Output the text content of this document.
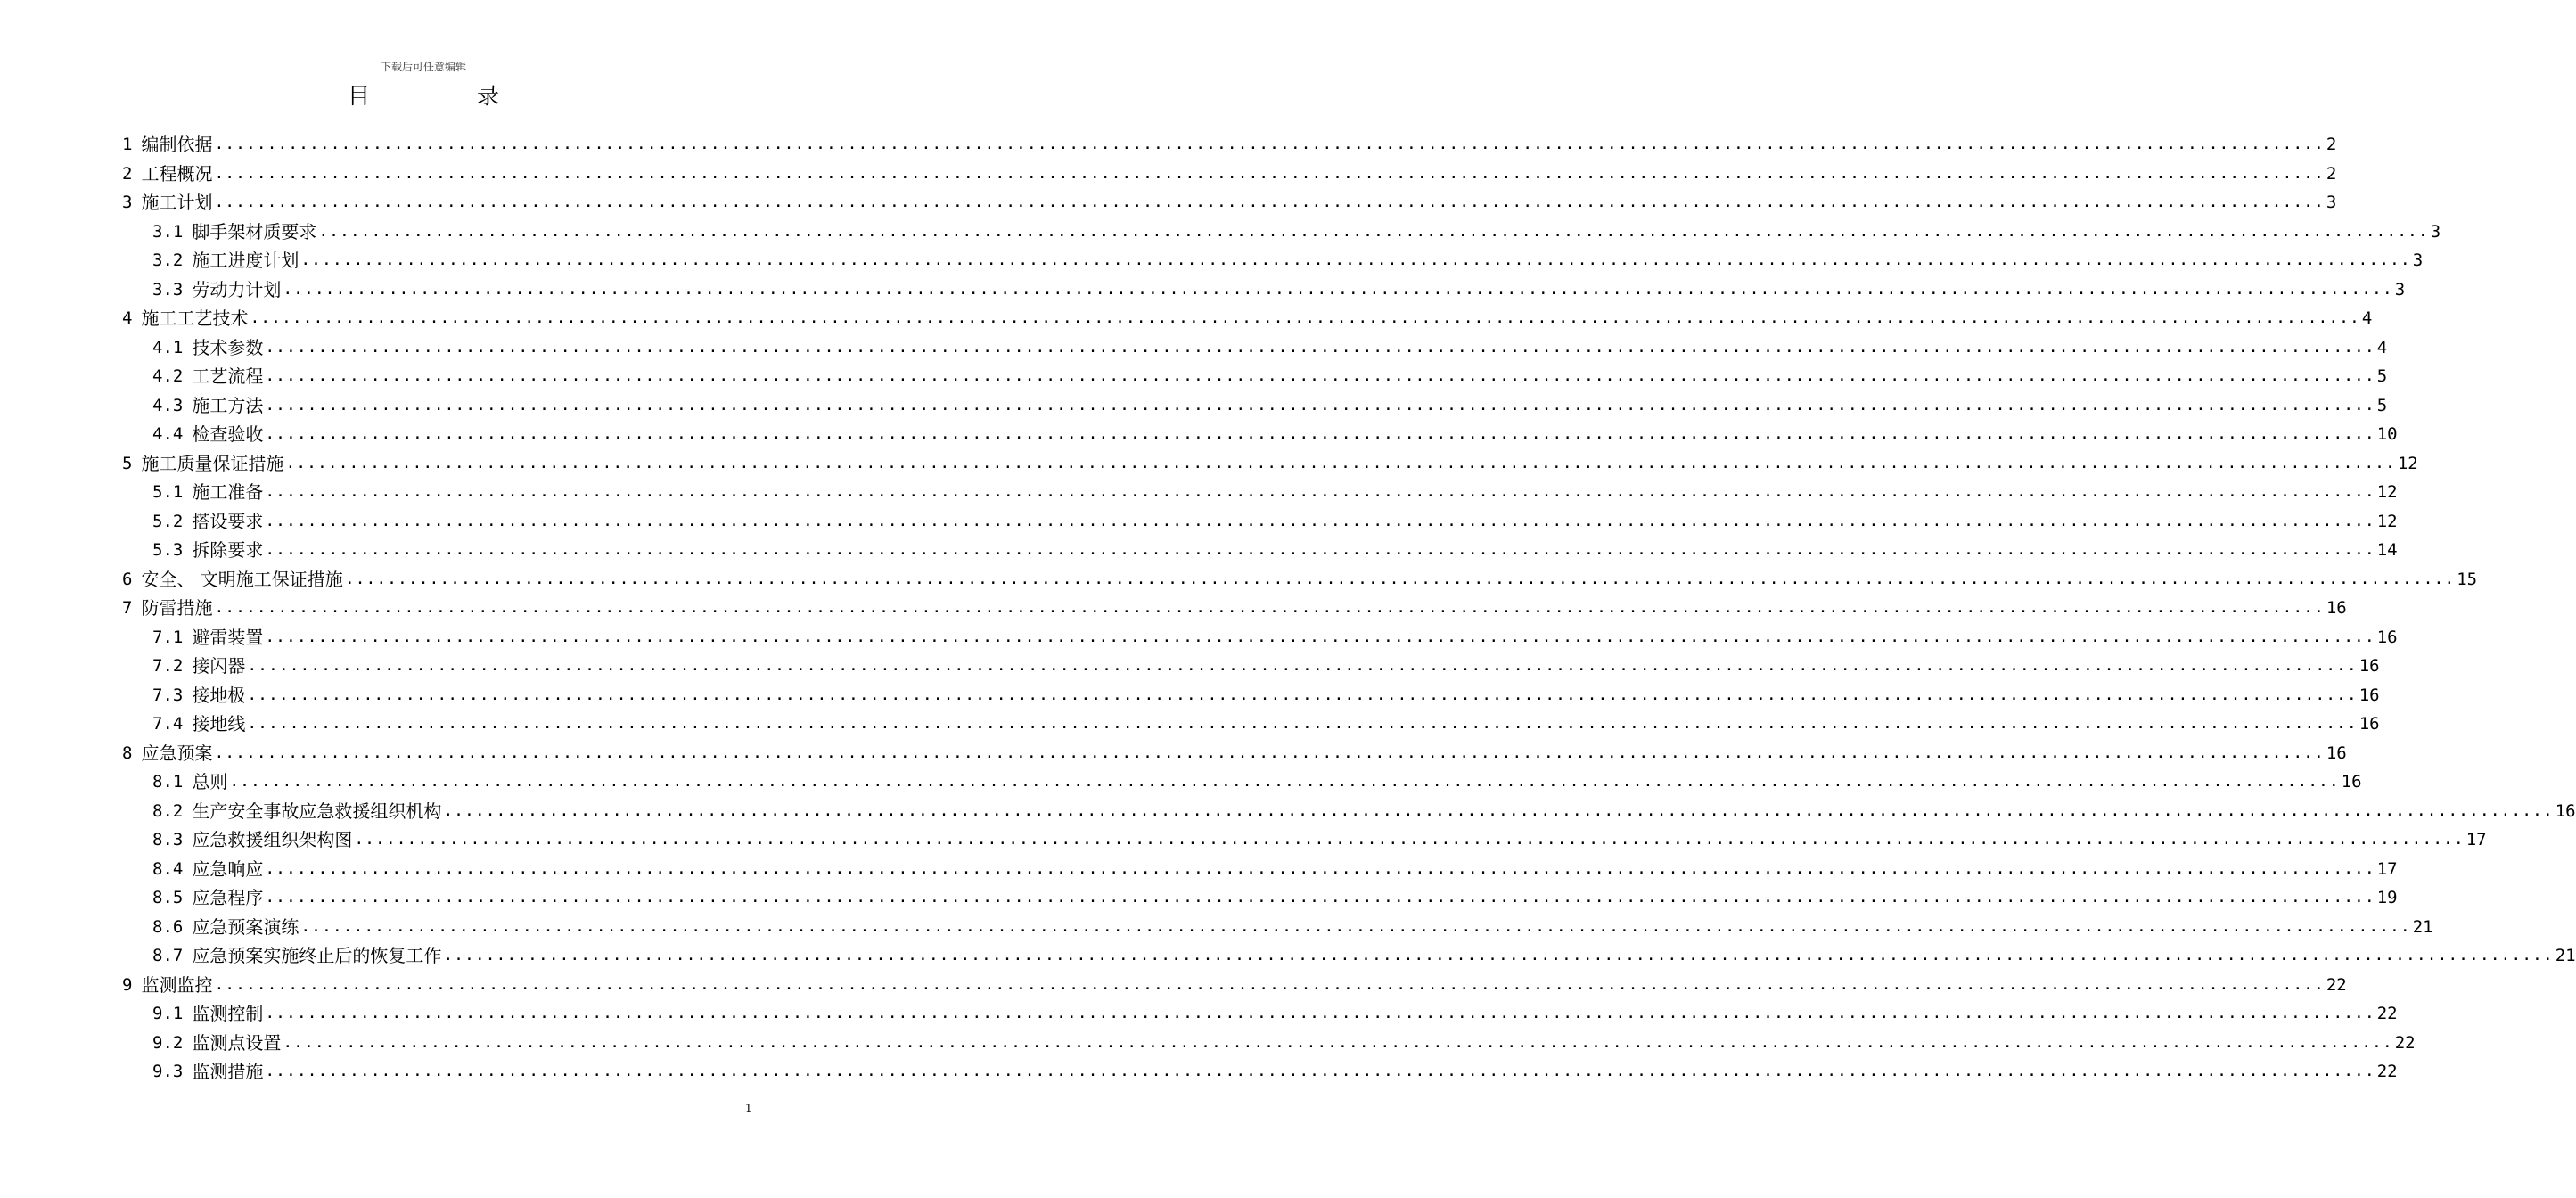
下载后可任意编辑
目 录
1 编制依据 ........................................................................................................................................................................................................ 2
2 工程概况 ........................................................................................................................................................................................................ 2
3 施工计划 ........................................................................................................................................................................................................ 3
3.1 脚手架材质要求 ........................................................................................................................................................................................................ 3
3.2 施工进度计划 ........................................................................................................................................................................................................ 3
3.3 劳动力计划 ........................................................................................................................................................................................................ 3
4 施工工艺技术 ........................................................................................................................................................................................................ 4
4.1 技术参数 ........................................................................................................................................................................................................ 4
4.2 工艺流程 ........................................................................................................................................................................................................ 5
4.3 施工方法 ........................................................................................................................................................................................................ 5
4.4 检查验收 ........................................................................................................................................................................................................ 10
5 施工质量保证措施 ........................................................................................................................................................................................................ 12
5.1 施工准备 ........................................................................................................................................................................................................ 12
5.2 搭设要求 ........................................................................................................................................................................................................ 12
5.3 拆除要求 ........................................................................................................................................................................................................ 14
6 安全、 文明施工保证措施 ........................................................................................................................................................................................................ 15
7 防雷措施 ........................................................................................................................................................................................................ 16
7.1 避雷装置 ........................................................................................................................................................................................................ 16
7.2 接闪器 ........................................................................................................................................................................................................ 16
7.3 接地极 ........................................................................................................................................................................................................ 16
7.4 接地线 ........................................................................................................................................................................................................ 16
8 应急预案 ........................................................................................................................................................................................................ 16
8.1 总则 ........................................................................................................................................................................................................ 16
8.2 生产安全事故应急救援组织机构 ........................................................................................................................................................................................................ 16
8.3 应急救援组织架构图 ........................................................................................................................................................................................................ 17
8.4 应急响应 ........................................................................................................................................................................................................ 17
8.5 应急程序 ........................................................................................................................................................................................................ 19
8.6 应急预案演练 ........................................................................................................................................................................................................ 21
8.7 应急预案实施终止后的恢复工作 ........................................................................................................................................................................................................ 21
9 监测监控 ........................................................................................................................................................................................................ 22
9.1 监测控制 ........................................................................................................................................................................................................ 22
9.2 监测点设置 ........................................................................................................................................................................................................ 22
9.3 监测措施 ........................................................................................................................................................................................................ 22
1
